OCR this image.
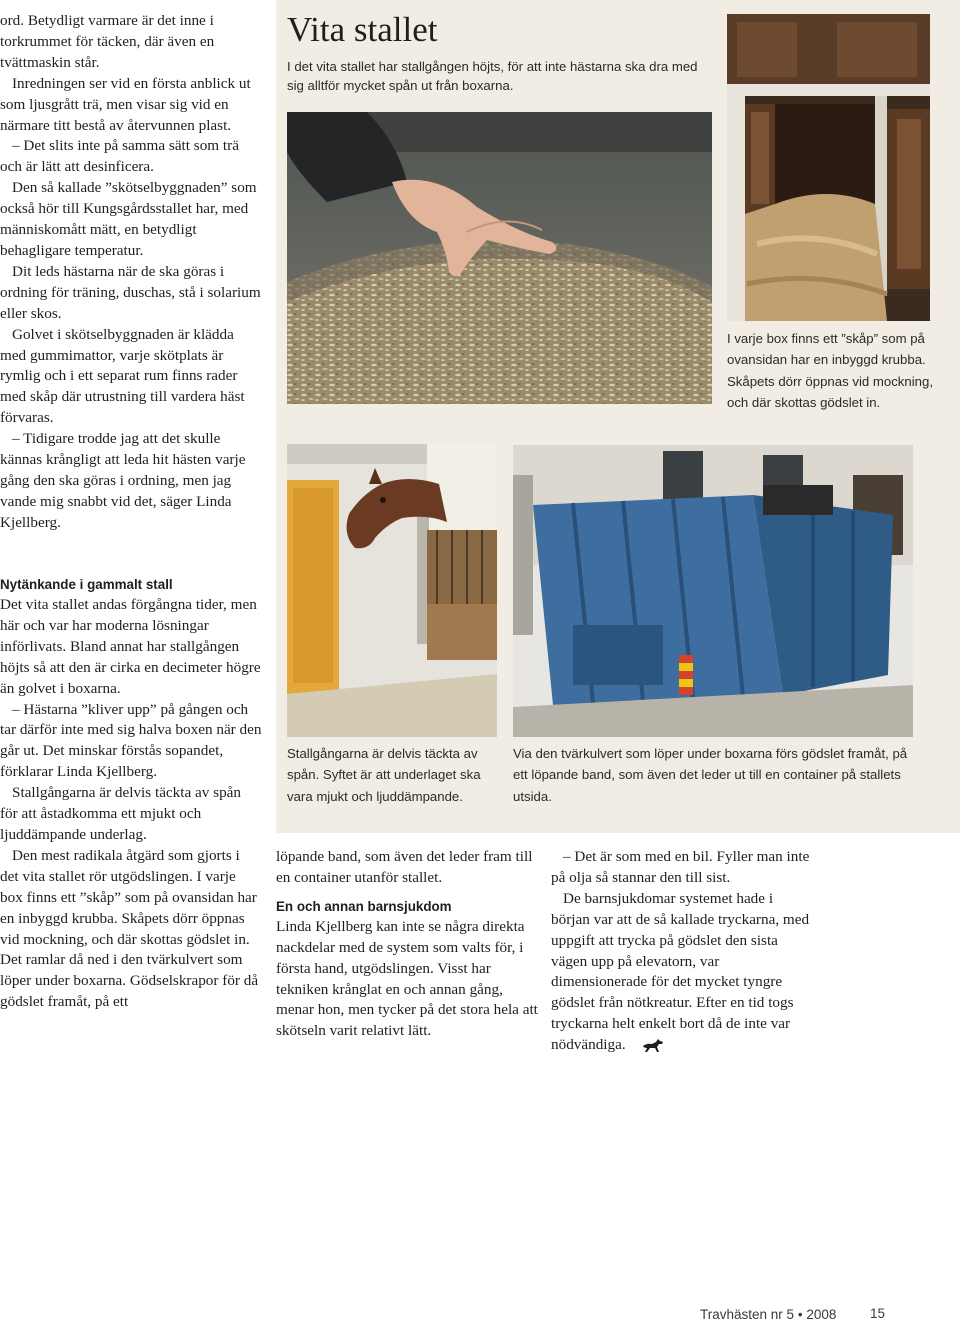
ord. Betydligt varmare är det inne i torkrummet för täcken, där även en tvättmaskin står.

Inredningen ser vid en första anblick ut som ljusgrått trä, men visar sig vid en närmare titt bestå av återvunnen plast.

– Det slits inte på samma sätt som trä och är lätt att desinficera.

Den så kallade ”skötselbyggnaden” som också hör till Kungsgårdsstallet har, med människomått mätt, en betydligt behagligare temperatur.

Dit leds hästarna när de ska göras i ordning för träning, duschas, stå i solarium eller skos.

Golvet i skötselbyggnaden är klädda med gummimattor, varje skötplats är rymlig och i ett separat rum finns rader med skåp där utrustning till vardera häst förvaras.

– Tidigare trodde jag att det skulle kännas krångligt att leda hit hästen varje gång den ska göras i ordning, men jag vande mig snabbt vid det, säger Linda Kjellberg.

Nytänkande i gammalt stall

Det vita stallet andas förgångna tider, men här och var har moderna lösningar införlivats. Bland annat har stallgången höjts så att den är cirka en decimeter högre än golvet i boxarna.

– Hästarna ”kliver upp” på gången och tar därför inte med sig halva boxen när den går ut. Det minskar förstås sopandet, förklarar Linda Kjellberg.

Stallgångarna är delvis täckta av spån för att åstadkomma ett mjukt och ljuddämpande underlag.

Den mest radikala åtgärd som gjorts i det vita stallet rör utgödslingen. I varje box finns ett ”skåp” som på ovansidan har en inbyggd krubba. Skåpets dörr öppnas vid mockning, och där skottas gödslet in. Det ramlar då ned i den tvärkulvert som löper under boxarna. Gödselskrapor för då gödslet framåt, på ett

Vita stallet
I det vita stallet har stallgången höjts, för att inte hästarna ska dra med sig alltför mycket spån ut från boxarna.
I varje box finns ett ”skåp” som på ovansidan har en inbyggd krubba. Skåpets dörr öppnas vid mockning, och där skottas gödslet in.
Stallgångarna är delvis täckta av spån. Syftet är att underlaget ska vara mjukt och ljuddämpande.
Via den tvärkulvert som löper under boxarna förs gödslet framåt, på ett löpande band, som även det leder ut till en container på stallets utsida.

löpande band, som även det leder fram till en container utanför stallet.

En och annan barnsjukdom

Linda Kjellberg kan inte se några direkta nackdelar med de system som valts för, i första hand, utgödslingen. Visst har tekniken krånglat en och annan gång, menar hon, men tycker på det stora hela att skötseln varit relativt lätt.

– Det är som med en bil. Fyller man inte på olja så stannar den till sist.

De barnsjukdomar systemet hade i början var att de så kallade tryckarna, med uppgift att trycka på gödslet den sista vägen upp på elevatorn, var dimensionerade för det mycket tyngre gödslet från nötkreatur. Efter en tid togs tryckarna helt enkelt bort då de inte var nödvändiga.

Travhästen nr 5 • 2008	15
